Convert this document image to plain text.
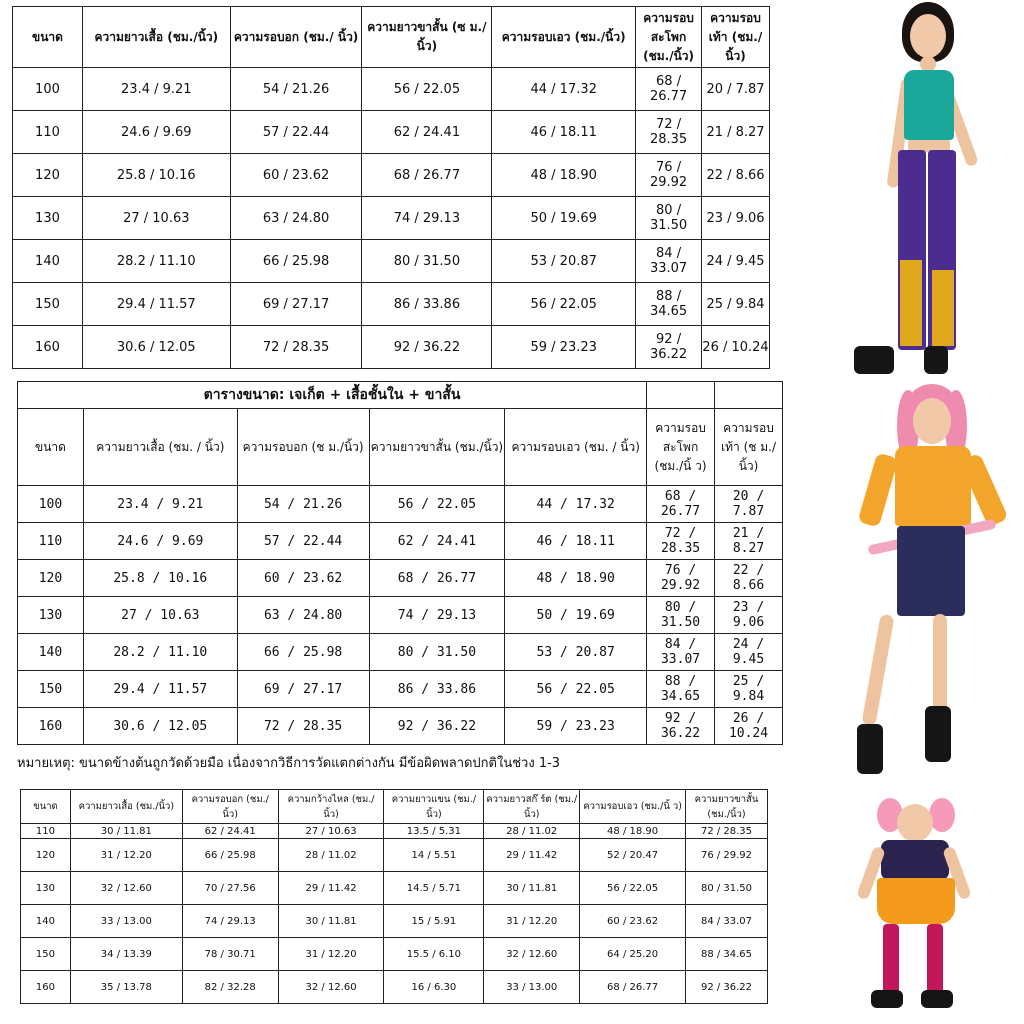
ขนาด	ความยาวเสื้อ (ชม./นิ้ว)	ความรอบอก (ชม./ นิ้ว)	ความยาวขาสั้น (ซ ม./นิ้ว)	ความรอบเอว (ชม./นิ้ว)	ความรอบ สะโพก (ชม./นิ้ว)	ความรอบ เท้า (ชม./ นิ้ว)
100	23.4 / 9.21	54 / 21.26	56 / 22.05	44 / 17.32	68 / 26.77	20 / 7.87
110	24.6 / 9.69	57 / 22.44	62 / 24.41	46 / 18.11	72 / 28.35	21 / 8.27
120	25.8 / 10.16	60 / 23.62	68 / 26.77	48 / 18.90	76 / 29.92	22 / 8.66
130	27 / 10.63	63 / 24.80	74 / 29.13	50 / 19.69	80 / 31.50	23 / 9.06
140	28.2 / 11.10	66 / 25.98	80 / 31.50	53 / 20.87	84 / 33.07	24 / 9.45
150	29.4 / 11.57	69 / 27.17	86 / 33.86	56 / 22.05	88 / 34.65	25 / 9.84
160	30.6 / 12.05	72 / 28.35	92 / 36.22	59 / 23.23	92 / 36.22	26 / 10.24
ตารางขนาด: เจเก็ต + เสื้อชั้นใน + ขาสั้น						
ขนาด	ความยาวเสื้อ (ชม. / นิ้ว)	ความรอบอก (ช ม./นิ้ว)	ความยาวขาสั้น (ชม./นิ้ว)	ความรอบเอว (ชม. / นิ้ว)	ความรอบ สะโพก (ชม./นิ้ ว)	ความรอบ เท้า (ช ม./นิ้ว)
100	23.4 / 9.21	54 / 21.26	56 / 22.05	44 / 17.32	68 / 26.77	20 / 7.87
110	24.6 / 9.69	57 / 22.44	62 / 24.41	46 / 18.11	72 / 28.35	21 / 8.27
120	25.8 / 10.16	60 / 23.62	68 / 26.77	48 / 18.90	76 / 29.92	22 / 8.66
130	27 / 10.63	63 / 24.80	74 / 29.13	50 / 19.69	80 / 31.50	23 / 9.06
140	28.2 / 11.10	66 / 25.98	80 / 31.50	53 / 20.87	84 / 33.07	24 / 9.45
150	29.4 / 11.57	69 / 27.17	86 / 33.86	56 / 22.05	88 / 34.65	25 / 9.84
160	30.6 / 12.05	72 / 28.35	92 / 36.22	59 / 23.23	92 / 36.22	26 / 10.24
หมายเหตุ: ขนาดข้างต้นถูกวัดด้วยมือ เนื่องจากวิธีการวัดแตกต่างกัน มีข้อผิดพลาดปกติในช่วง 1-3
ขนาด	ความยาวเสื้อ (ชม./นิ้ว)	ความรอบอก (ชม./ นิ้ว)	ความกว้างไหล (ชม./ นิ้ว)	ความยาวแขน (ชม./ นิ้ว)	ความยาวสก๊ ร์ต (ชม./นิ้ว)	ความรอบเอว (ชม./นิ้ ว)	ความยาวขาสั้น (ชม./นิ้ว)
110	30 / 11.81	62 / 24.41	27 / 10.63	13.5 / 5.31	28 / 11.02	48 / 18.90	72 / 28.35
120	31 / 12.20	66 / 25.98	28 / 11.02	14 / 5.51	29 / 11.42	52 / 20.47	76 / 29.92
130	32 / 12.60	70 / 27.56	29 / 11.42	14.5 / 5.71	30 / 11.81	56 / 22.05	80 / 31.50
140	33 / 13.00	74 / 29.13	30 / 11.81	15 / 5.91	31 / 12.20	60 / 23.62	84 / 33.07
150	34 / 13.39	78 / 30.71	31 / 12.20	15.5 / 6.10	32 / 12.60	64 / 25.20	88 / 34.65
160	35 / 13.78	82 / 32.28	32 / 12.60	16 / 6.30	33 / 13.00	68 / 26.77	92 / 36.22
